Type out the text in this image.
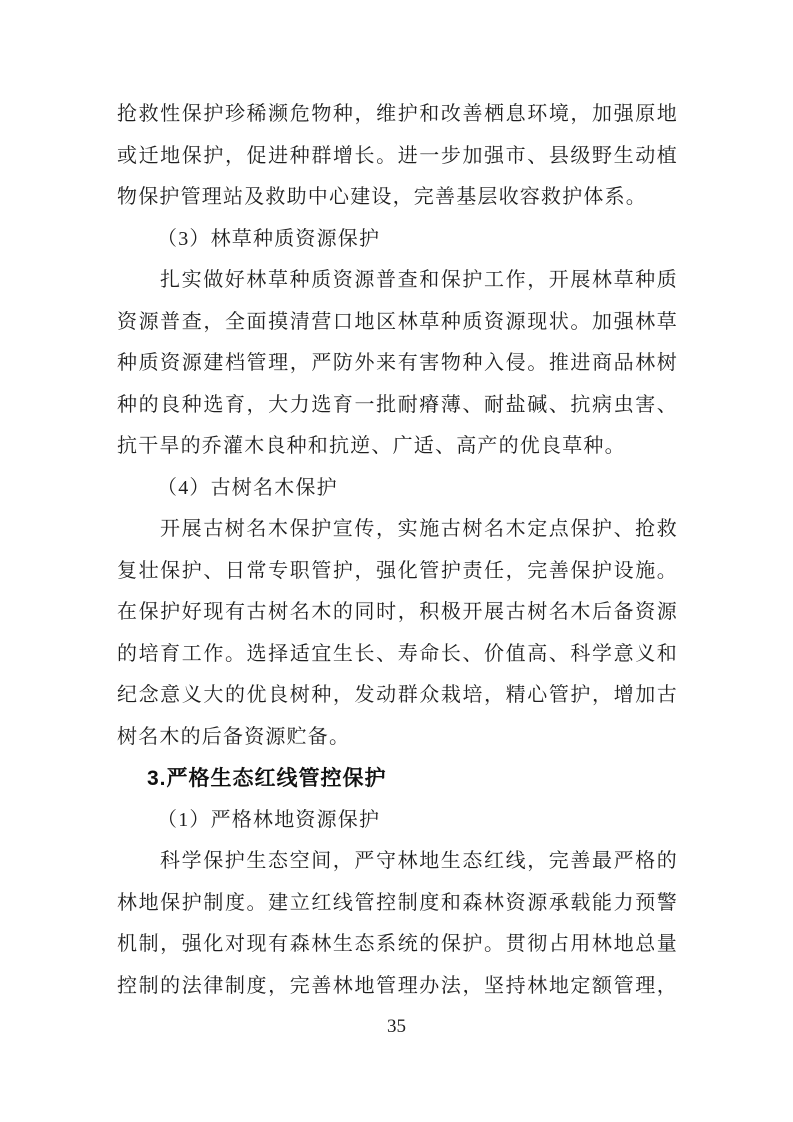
抢救性保护珍稀濒危物种，维护和改善栖息环境，加强原地
或迁地保护，促进种群增长。进一步加强市、县级野生动植
物保护管理站及救助中心建设，完善基层收容救护体系。
（3）林草种质资源保护
扎实做好林草种质资源普查和保护工作，开展林草种质
资源普查，全面摸清营口地区林草种质资源现状。加强林草
种质资源建档管理，严防外来有害物种入侵。推进商品林树
种的良种选育，大力选育一批耐瘠薄、耐盐碱、抗病虫害、
抗干旱的乔灌木良种和抗逆、广适、高产的优良草种。
（4）古树名木保护
开展古树名木保护宣传，实施古树名木定点保护、抢救
复壮保护、日常专职管护，强化管护责任，完善保护设施。
在保护好现有古树名木的同时，积极开展古树名木后备资源
的培育工作。选择适宜生长、寿命长、价值高、科学意义和
纪念意义大的优良树种，发动群众栽培，精心管护，增加古
树名木的后备资源贮备。
3.严格生态红线管控保护
（1）严格林地资源保护
科学保护生态空间，严守林地生态红线，完善最严格的
林地保护制度。建立红线管控制度和森林资源承载能力预警
机制，强化对现有森林生态系统的保护。贯彻占用林地总量
控制的法律制度，完善林地管理办法，坚持林地定额管理，
35
